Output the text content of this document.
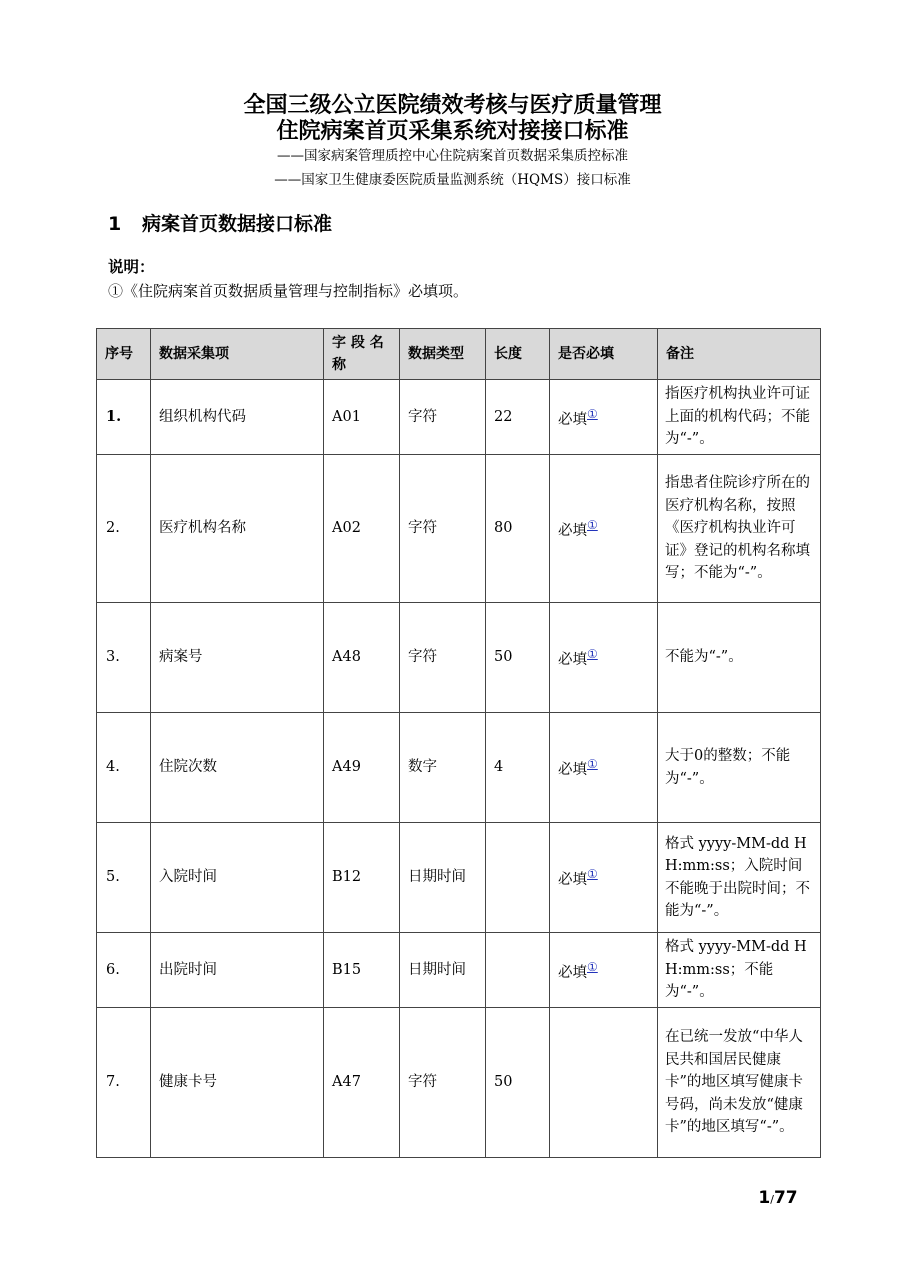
全国三级公立医院绩效考核与医疗质量管理
住院病案首页采集系统对接接口标准
——国家病案管理质控中心住院病案首页数据采集质控标准
——国家卫生健康委医院质量监测系统（HQMS）接口标准
1 病案首页数据接口标准
说明：
①《住院病案首页数据质量管理与控制指标》必填项。
序号	数据采集项	字 段 名 称	数据类型	长度	是否必填	备注
1.	组织机构代码	A01	字符	22	必填①	指医疗机构执业许可证上面的机构代码；不能为“-”。
2.	医疗机构名称	A02	字符	80	必填①	指患者住院诊疗所在的医疗机构名称，按照《医疗机构执业许可证》登记的机构名称填写；不能为“-”。
3.	病案号	A48	字符	50	必填①	不能为“-”。
4.	住院次数	A49	数字	4	必填①	大于0的整数；不能为“-”。
5.	入院时间	B12	日期时间		必填①	格式 yyyy-MM-dd HH:mm:ss；入院时间不能晚于出院时间；不能为“-”。
6.	出院时间	B15	日期时间		必填①	格式 yyyy-MM-dd HH:mm:ss；不能为“-”。
7.	健康卡号	A47	字符	50		在已统一发放“中华人民共和国居民健康卡”的地区填写健康卡号码，尚未发放“健康卡”的地区填写“-”。
1/77
